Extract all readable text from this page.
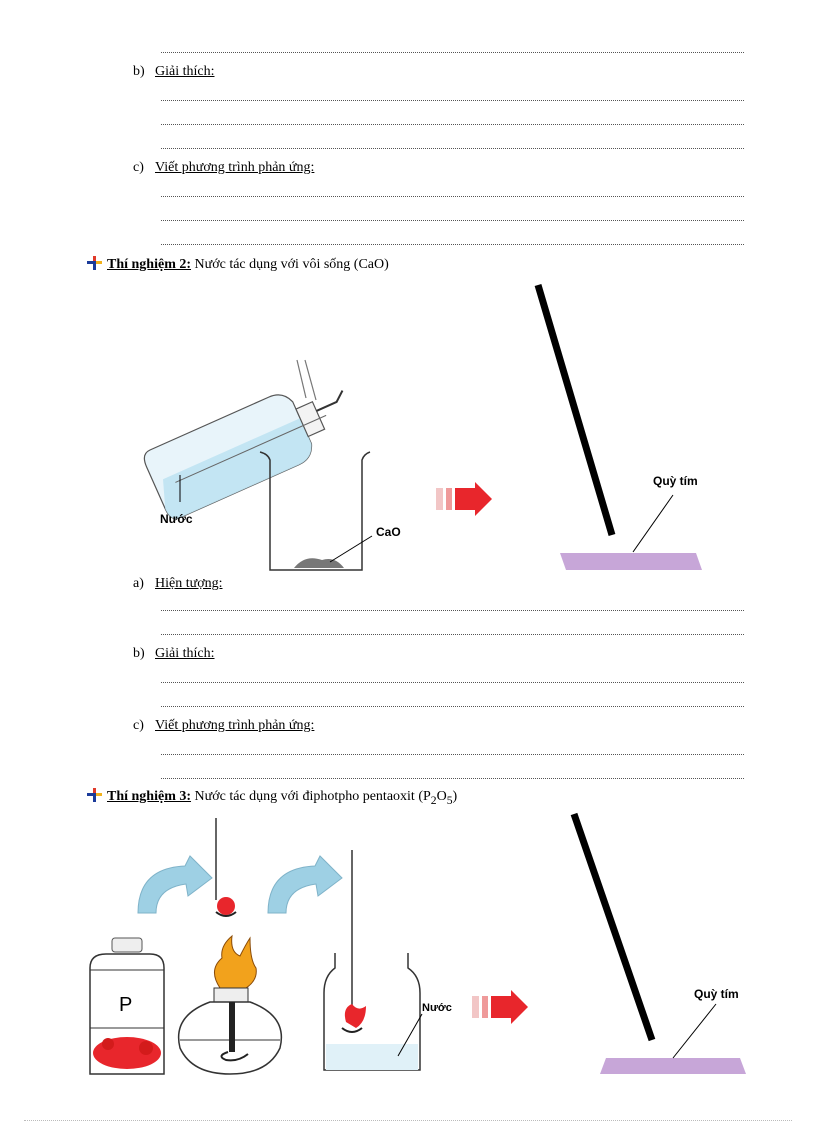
b) Giải thích:
c) Viết phương trình phản ứng:
Thí nghiệm 2: Nước tác dụng với vôi sống (CaO)
Nước
CaO
Quỳ tím
a) Hiện tượng:
b) Giải thích:
c) Viết phương trình phản ứng:
Thí nghiệm 3: Nước tác dụng với điphotpho pentaoxit $(P_2O_5)$
P	Nước
Quỳ tím
